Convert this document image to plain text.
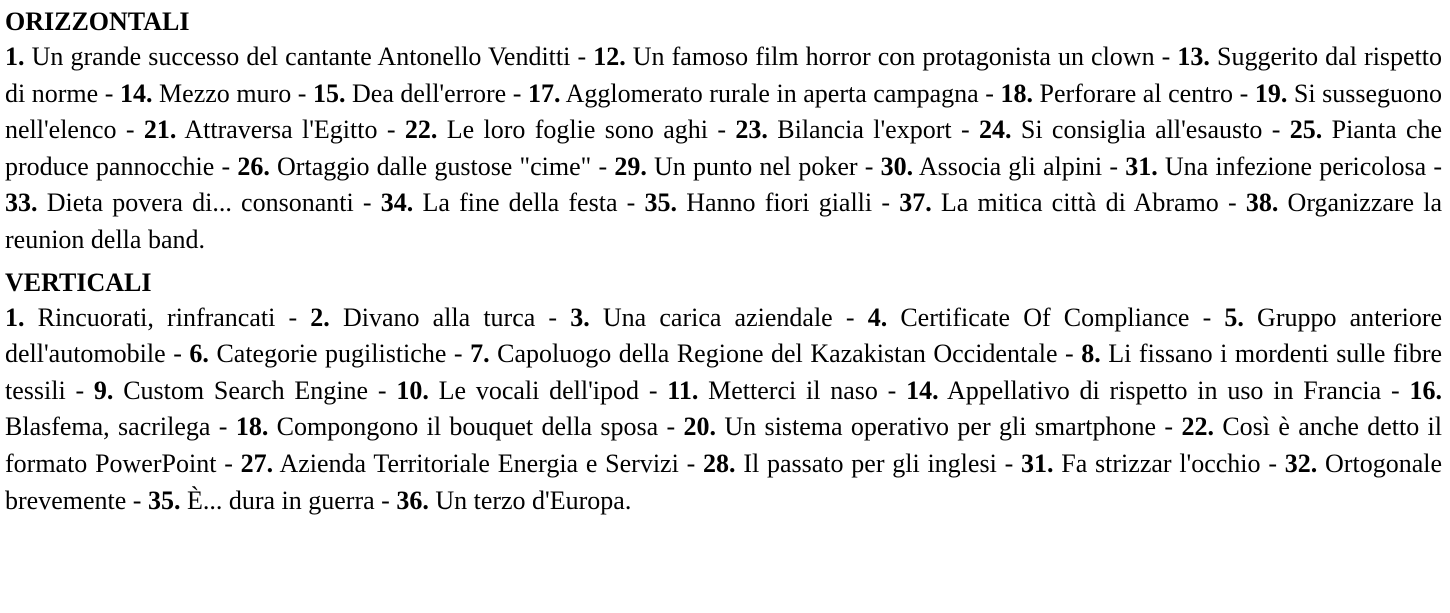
ORIZZONTALI

1. Un grande successo del cantante Antonello Venditti - 12. Un famoso film horror con protagonista un clown - 13. Suggerito dal rispetto di norme - 14. Mezzo muro - 15. Dea dell'errore - 17. Agglomerato rurale in aperta campagna - 18. Perforare al centro - 19. Si susseguono nell'elenco - 21. Attraversa l'Egitto - 22. Le loro foglie sono aghi - 23. Bilancia l'export - 24. Si consiglia all'esausto - 25. Pianta che produce pannocchie - 26. Ortaggio dalle gustose "cime" - 29. Un punto nel poker - 30. Associa gli alpini - 31. Una infezione pericolosa - 33. Dieta povera di... consonanti - 34. La fine della festa - 35. Hanno fiori gialli - 37. La mitica città di Abramo - 38. Organizzare la reunion della band.

VERTICALI

1. Rincuorati, rinfrancati - 2. Divano alla turca - 3. Una carica aziendale - 4. Certificate Of Compliance - 5. Gruppo anteriore dell'automobile - 6. Categorie pugilistiche - 7. Capoluogo della Regione del Kazakistan Occidentale - 8. Li fissano i mordenti sulle fibre tessili - 9. Custom Search Engine - 10. Le vocali dell'ipod - 11. Metterci il naso - 14. Appellativo di rispetto in uso in Francia - 16. Blasfema, sacrilega - 18. Compongono il bouquet della sposa - 20. Un sistema operativo per gli smartphone - 22. Così è anche detto il formato PowerPoint - 27. Azienda Territoriale Energia e Servizi - 28. Il passato per gli inglesi - 31. Fa strizzar l'occhio - 32. Ortogonale brevemente - 35. È... dura in guerra - 36. Un terzo d'Europa.
